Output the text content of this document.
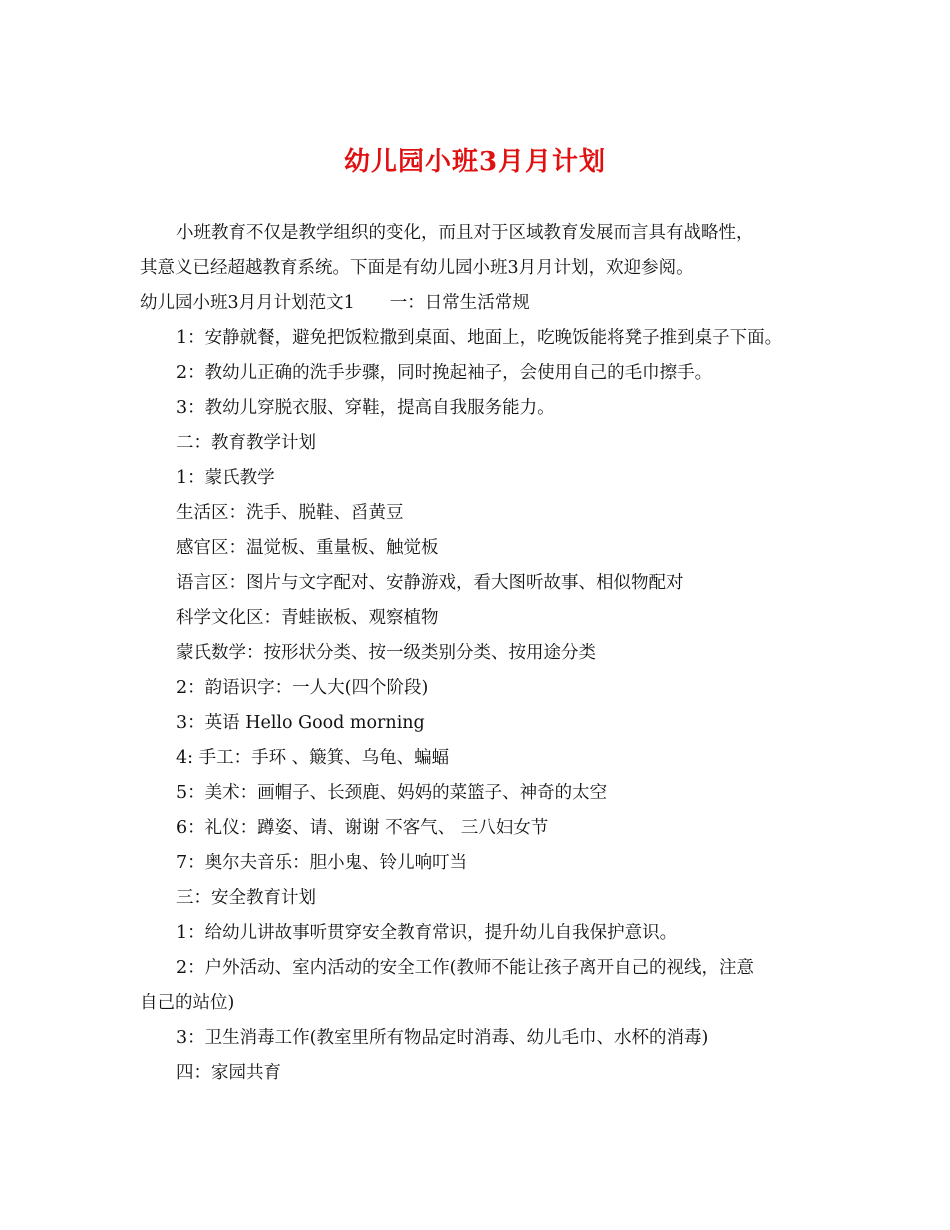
幼儿园小班3月月计划
小班教育不仅是教学组织的变化，而且对于区域教育发展而言具有战略性，
其意义已经超越教育系统。下面是有幼儿园小班3月月计划，欢迎参阅。
幼儿园小班3月月计划范文1　　一：日常生活常规
1：安静就餐，避免把饭粒撒到桌面、地面上，吃晚饭能将凳子推到桌子下面。
2：教幼儿正确的洗手步骤，同时挽起袖子，会使用自己的毛巾擦手。
3：教幼儿穿脱衣服、穿鞋，提高自我服务能力。
二：教育教学计划
1：蒙氏教学
生活区：洗手、脱鞋、舀黄豆
感官区：温觉板、重量板、触觉板
语言区：图片与文字配对、安静游戏，看大图听故事、相似物配对
科学文化区：青蛙嵌板、观察植物
蒙氏数学：按形状分类、按一级类别分类、按用途分类
2：韵语识字：一人大(四个阶段)
3：英语 Hello Good morning
4: 手工：手环 、簸箕、乌龟、蝙蝠
5：美术：画帽子、长颈鹿、妈妈的菜篮子、神奇的太空
6：礼仪：蹲姿、请、谢谢 不客气、 三八妇女节
7：奥尔夫音乐：胆小鬼、铃儿响叮当
三：安全教育计划
1：给幼儿讲故事听贯穿安全教育常识，提升幼儿自我保护意识。
2：户外活动、室内活动的安全工作(教师不能让孩子离开自己的视线，注意
自己的站位)
3：卫生消毒工作(教室里所有物品定时消毒、幼儿毛巾、水杯的消毒)
四：家园共育
